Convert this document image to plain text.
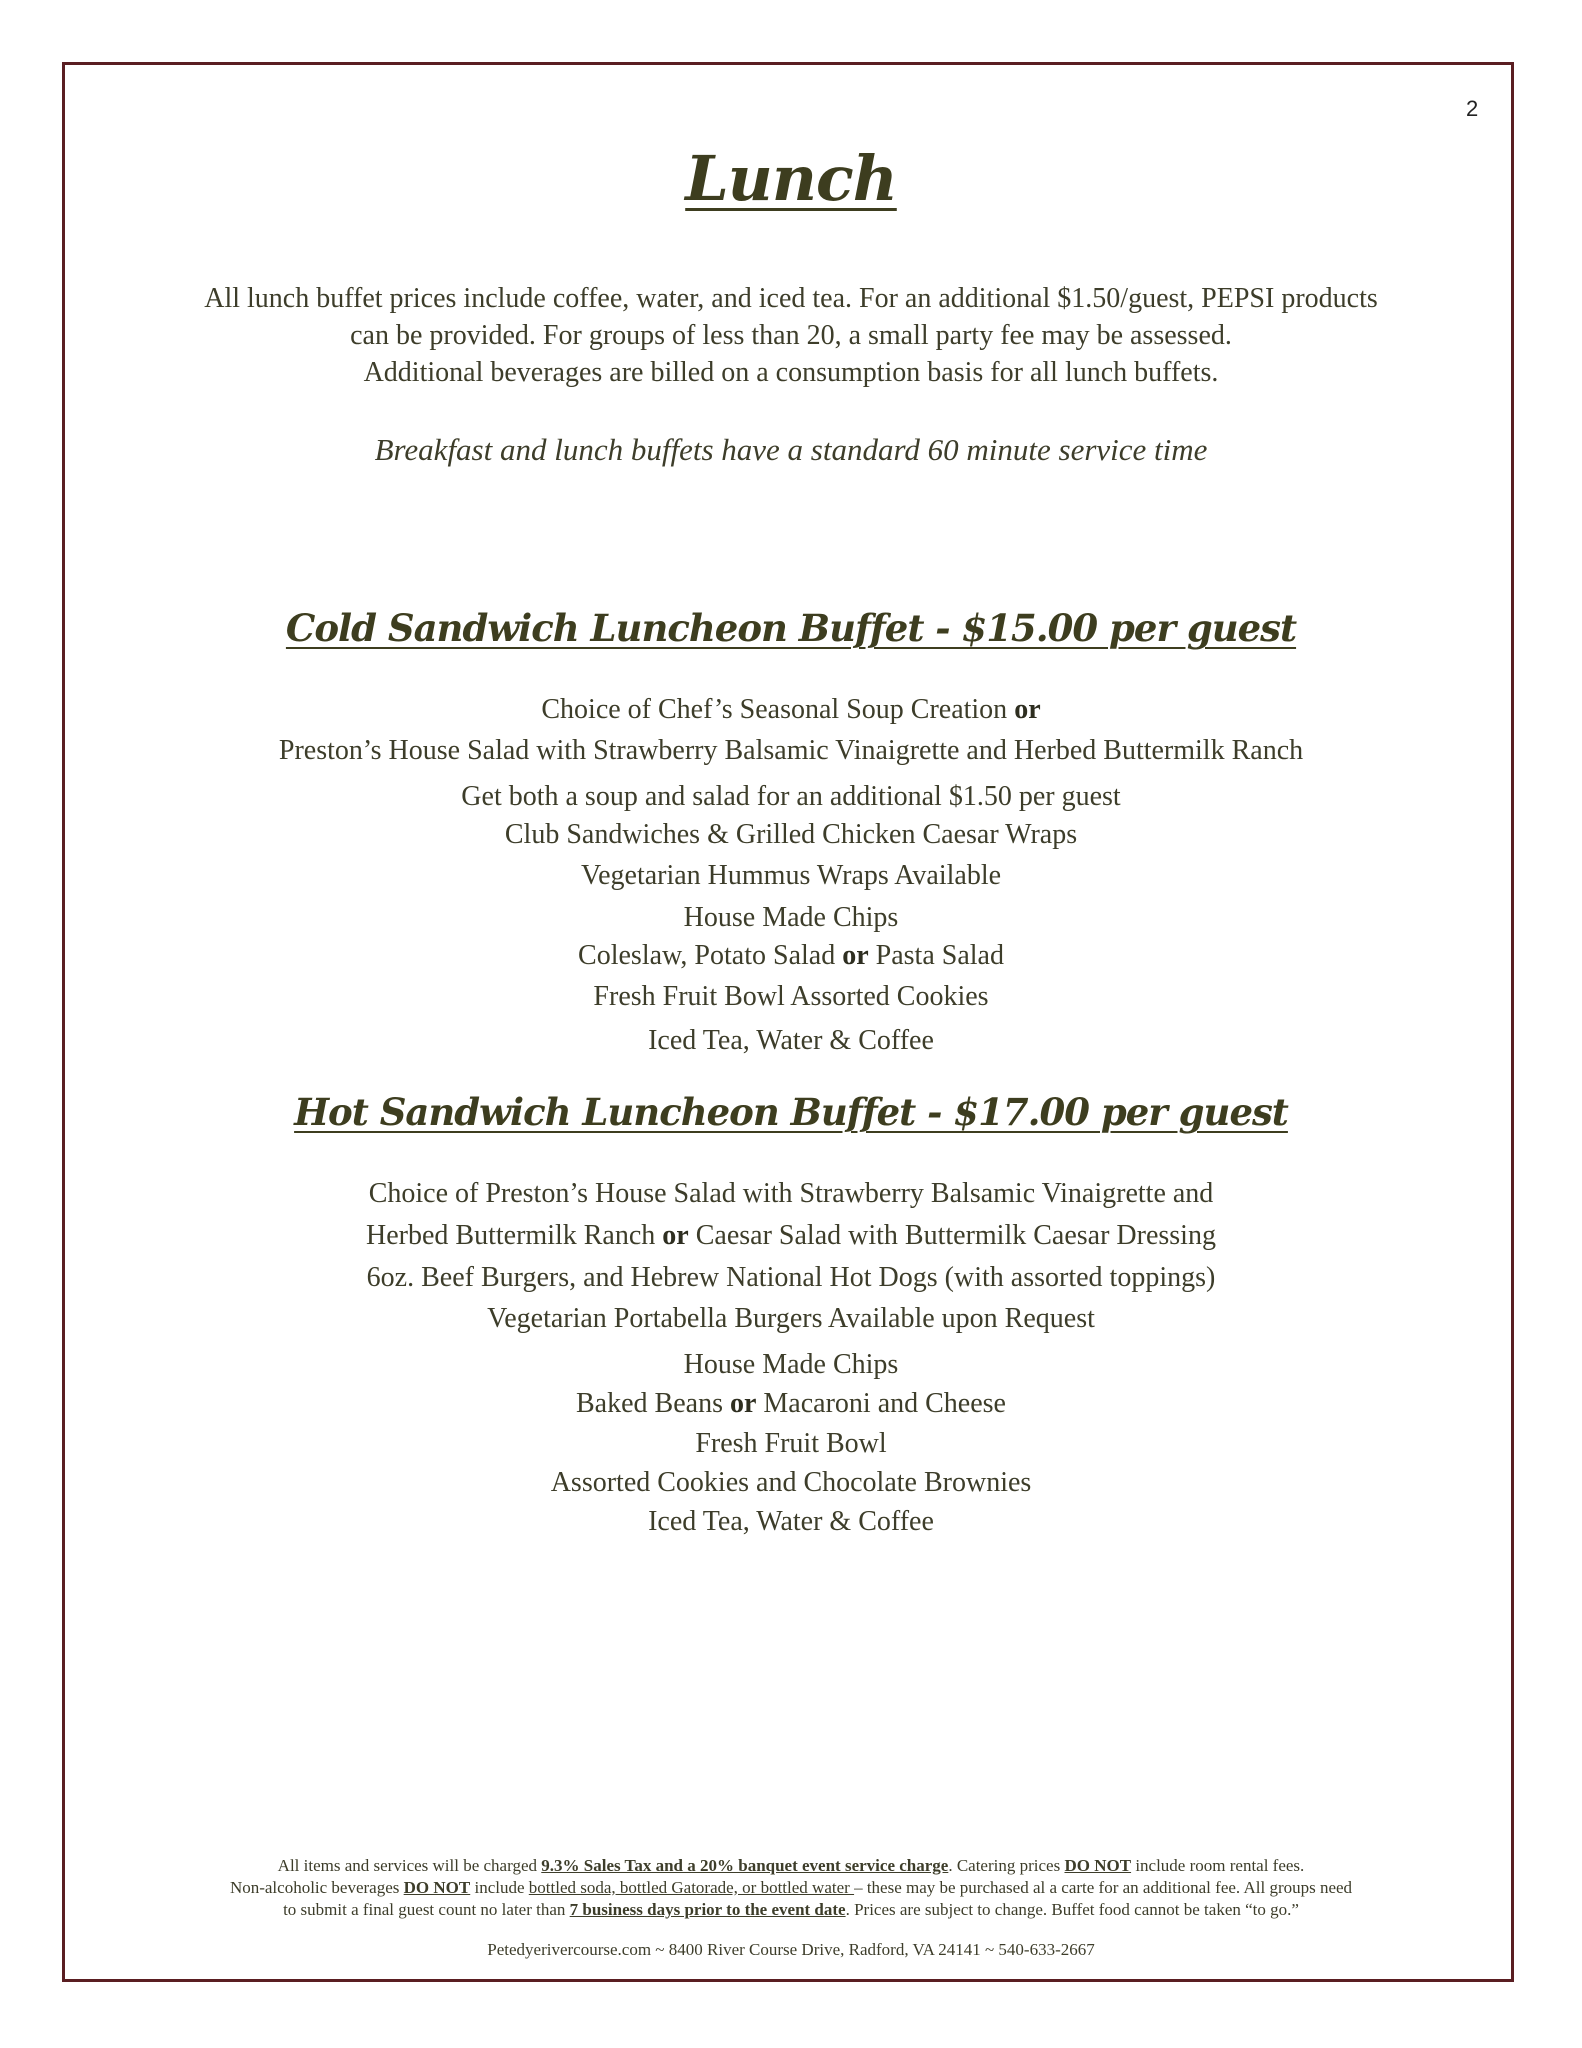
2
Lunch
All lunch buffet prices include coffee, water, and iced tea. For an additional $1.50/guest, PEPSI products
can be provided. For groups of less than 20, a small party fee may be assessed.
Additional beverages are billed on a consumption basis for all lunch buffets.
Breakfast and lunch buffets have a standard 60 minute service time
Cold Sandwich Luncheon Buffet - $15.00 per guest
Choice of Chef’s Seasonal Soup Creation or
Preston’s House Salad with Strawberry Balsamic Vinaigrette and Herbed Buttermilk Ranch
Get both a soup and salad for an additional $1.50 per guest
Club Sandwiches & Grilled Chicken Caesar Wraps
Vegetarian Hummus Wraps Available
House Made Chips
Coleslaw, Potato Salad or Pasta Salad
Fresh Fruit Bowl Assorted Cookies
Iced Tea, Water & Coffee
Hot Sandwich Luncheon Buffet - $17.00 per guest
Choice of Preston’s House Salad with Strawberry Balsamic Vinaigrette and
Herbed Buttermilk Ranch or Caesar Salad with Buttermilk Caesar Dressing
6oz. Beef Burgers, and Hebrew National Hot Dogs (with assorted toppings)
Vegetarian Portabella Burgers Available upon Request
House Made Chips
Baked Beans or Macaroni and Cheese
Fresh Fruit Bowl
Assorted Cookies and Chocolate Brownies
Iced Tea, Water & Coffee
All items and services will be charged 9.3% Sales Tax and a 20% banquet event service charge. Catering prices DO NOT include room rental fees.
Non-alcoholic beverages DO NOT include bottled soda, bottled Gatorade, or bottled water – these may be purchased al a carte for an additional fee. All groups need
to submit a final guest count no later than 7 business days prior to the event date. Prices are subject to change. Buffet food cannot be taken “to go.”
Petedyerivercourse.com ~ 8400 River Course Drive, Radford, VA 24141 ~ 540-633-2667
